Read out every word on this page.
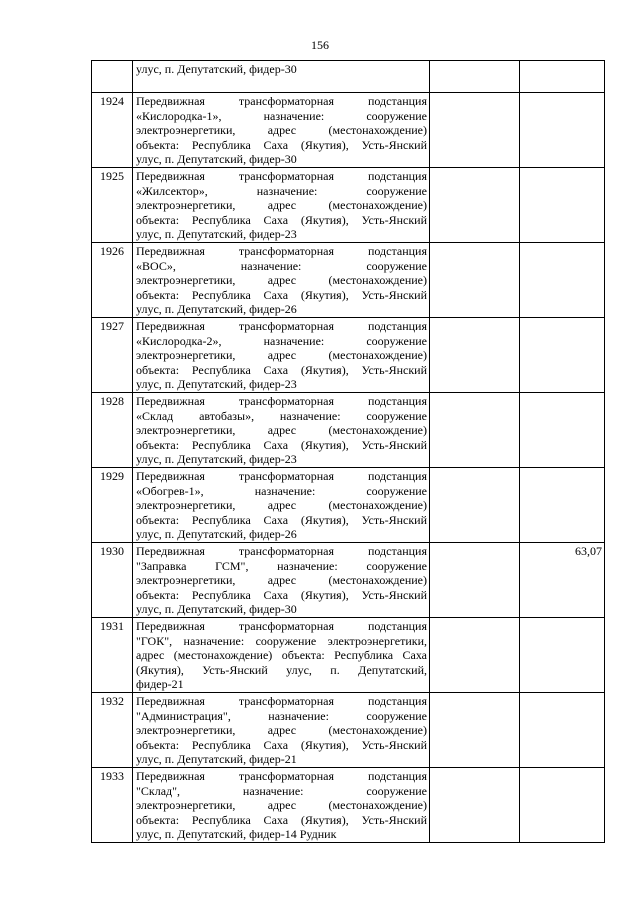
156

	улус, п. Депутатский, фидер-30		

1924	Передвижная трансформаторная подстанция
«Кислородка-1», назначение: сооружение
электроэнергетики, адрес (местонахождение)
объекта: Республика Саха (Якутия), Усть-Янский
улус, п. Депутатский, фидер-30		

1925	Передвижная трансформаторная подстанция
«Жилсектор», назначение: сооружение
электроэнергетики, адрес (местонахождение)
объекта: Республика Саха (Якутия), Усть-Янский
улус, п. Депутатский, фидер-23		

1926	Передвижная трансформаторная подстанция
«ВОС», назначение: сооружение
электроэнергетики, адрес (местонахождение)
объекта: Республика Саха (Якутия), Усть-Янский
улус, п. Депутатский, фидер-26		

1927	Передвижная трансформаторная подстанция
«Кислородка-2», назначение: сооружение
электроэнергетики, адрес (местонахождение)
объекта: Республика Саха (Якутия), Усть-Янский
улус, п. Депутатский, фидер-23		

1928	Передвижная трансформаторная подстанция
«Склад автобазы», назначение: сооружение
электроэнергетики, адрес (местонахождение)
объекта: Республика Саха (Якутия), Усть-Янский
улус, п. Депутатский, фидер-23		

1929	Передвижная трансформаторная подстанция
«Обогрев-1», назначение: сооружение
электроэнергетики, адрес (местонахождение)
объекта: Республика Саха (Якутия), Усть-Янский
улус, п. Депутатский, фидер-26		

1930	Передвижная трансформаторная подстанция
"Заправка ГСМ", назначение: сооружение
электроэнергетики, адрес (местонахождение)
объекта: Республика Саха (Якутия), Усть-Янский
улус, п. Депутатский, фидер-30		63,07
1931	Передвижная трансформаторная подстанция
"ГОК", назначение: сооружение электроэнергетики,
адрес (местонахождение) объекта: Республика Саха
(Якутия), Усть-Янский улус, п. Депутатский,
фидер-21		

1932	Передвижная трансформаторная подстанция
"Администрация", назначение: сооружение
электроэнергетики, адрес (местонахождение)
объекта: Республика Саха (Якутия), Усть-Янский
улус, п. Депутатский, фидер-21		

1933	Передвижная трансформаторная подстанция
"Склад", назначение: сооружение
электроэнергетики, адрес (местонахождение)
объекта: Республика Саха (Якутия), Усть-Янский
улус, п. Депутатский, фидер-14 Рудник		
